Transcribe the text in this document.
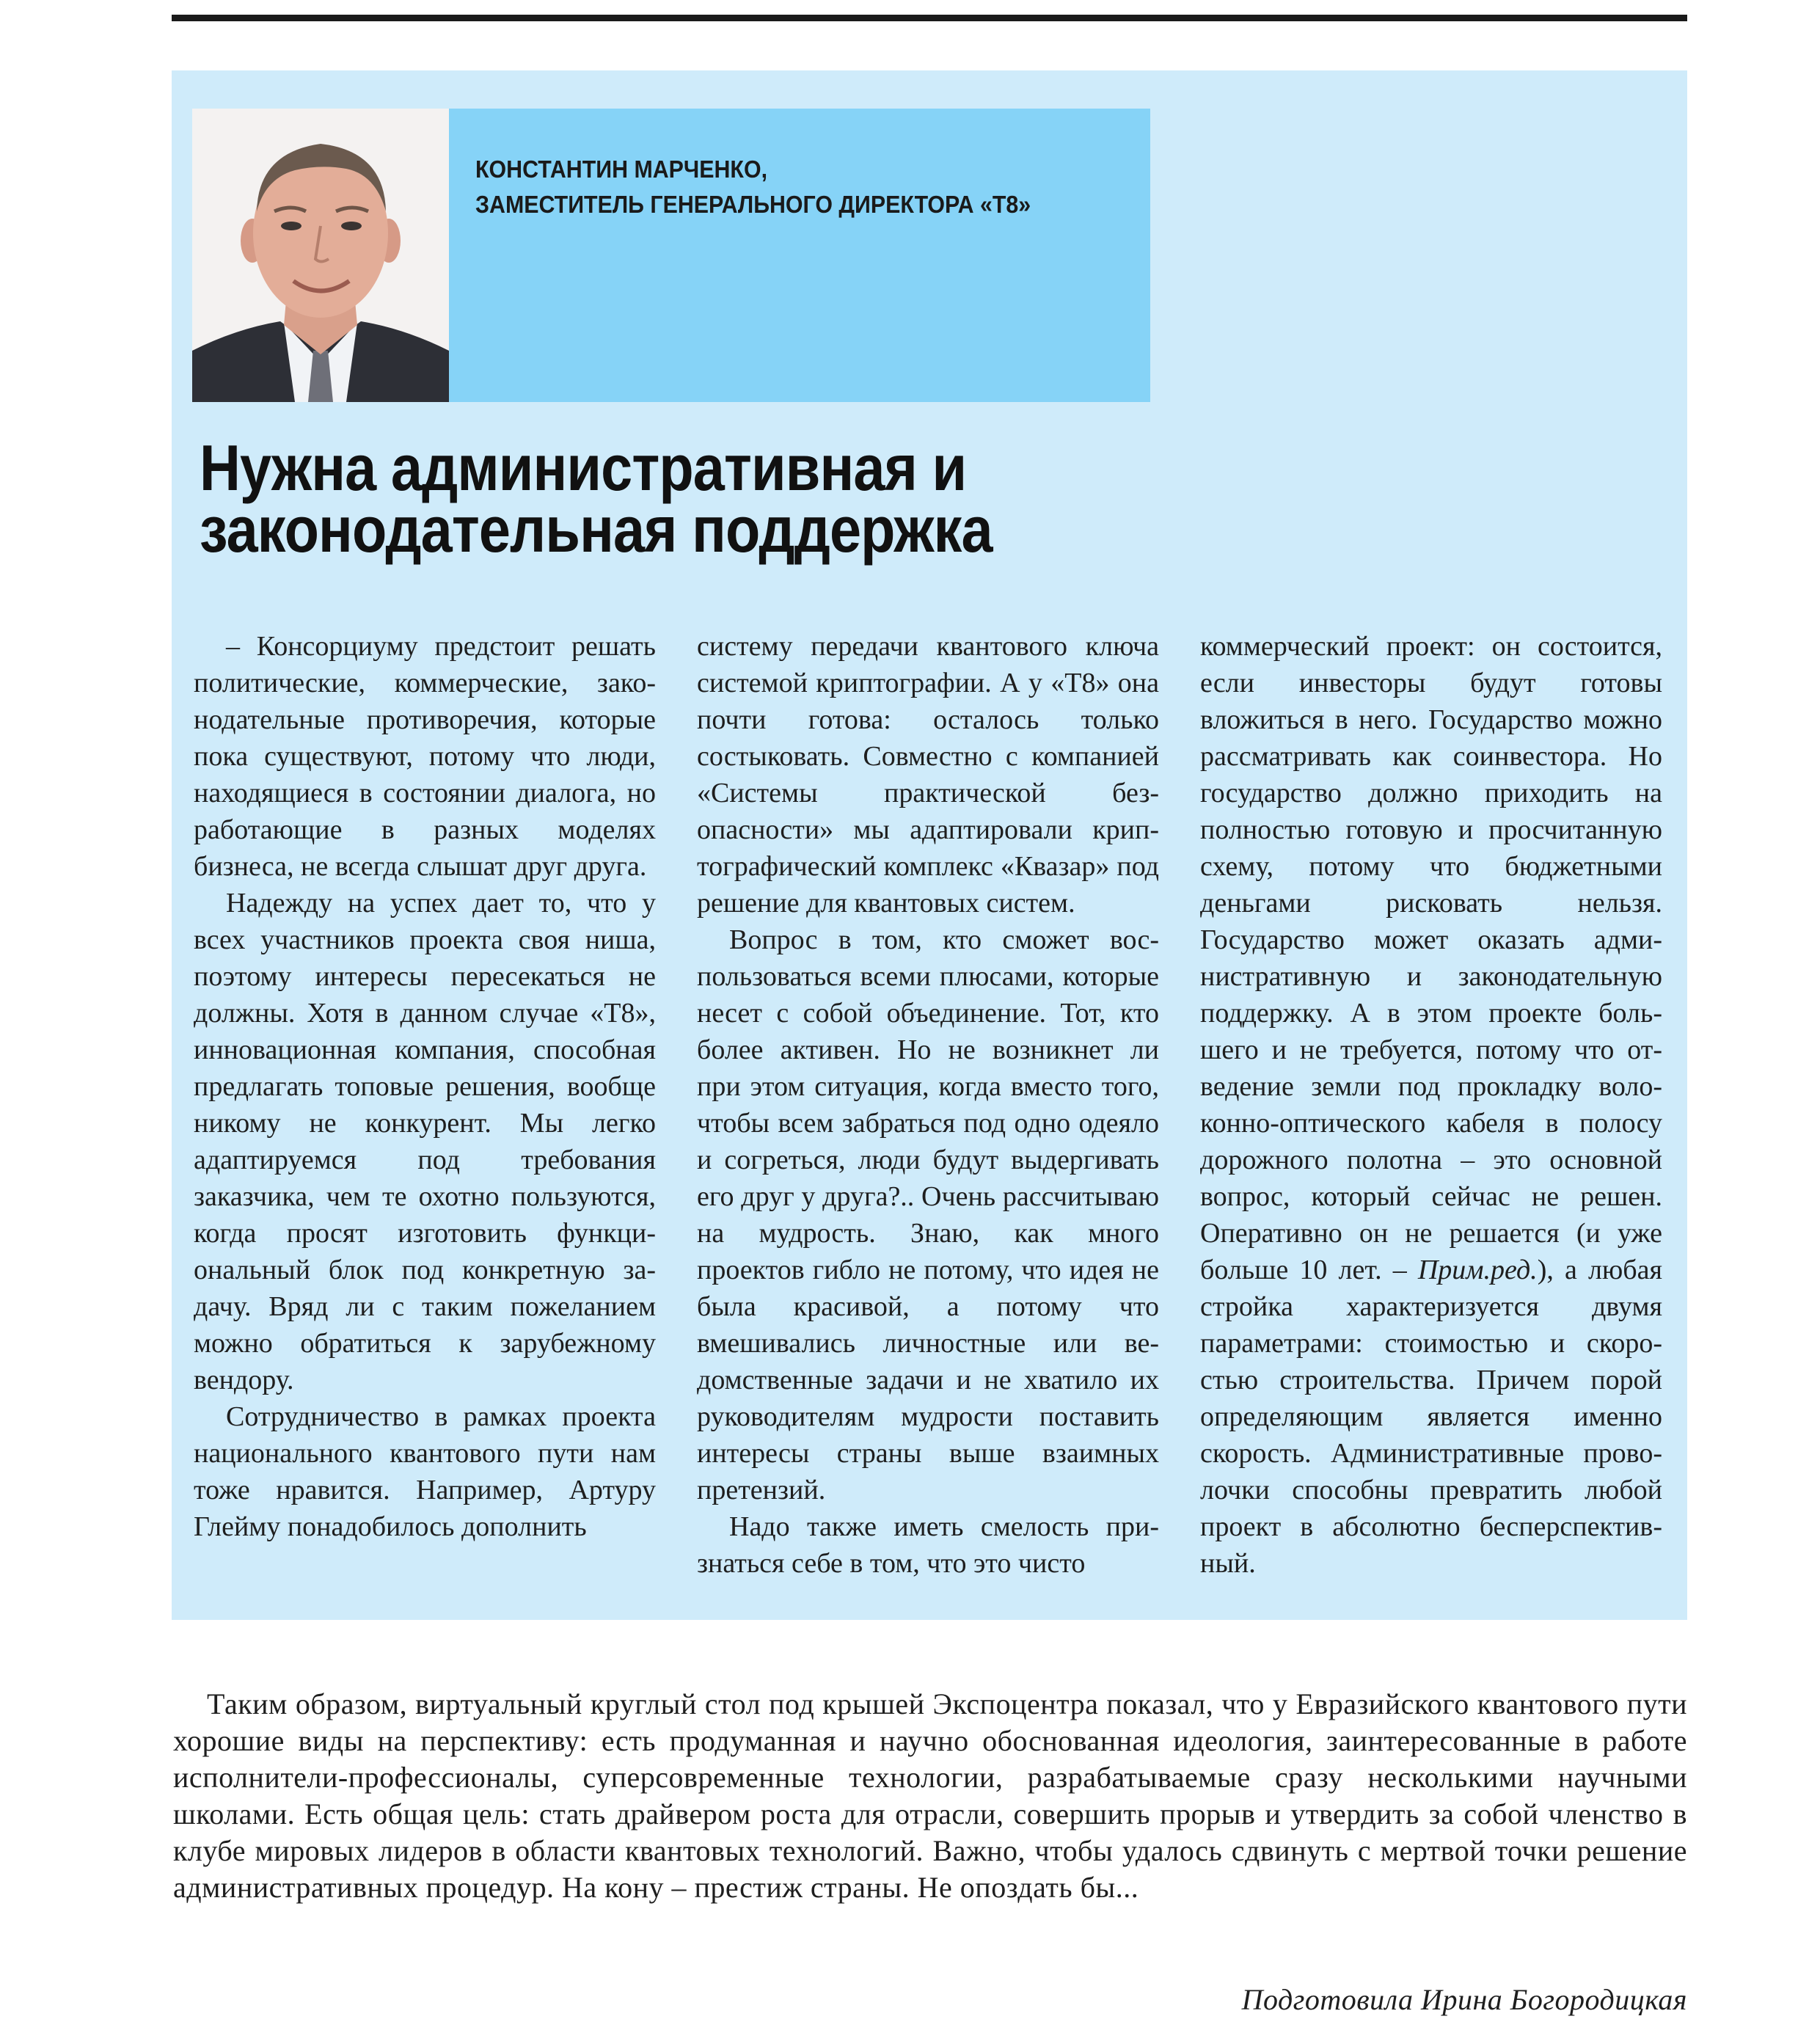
КОНСТАНТИН МАРЧЕНКО,
ЗАМЕСТИТЕЛЬ ГЕНЕРАЛЬНОГО ДИРЕКТОРА «Т8»
Нужна административная и
законодательная поддержка

– Консорциуму предстоит решать политические, коммерческие, законодательные противоречия, которые пока существуют, потому что люди, находящиеся в состоянии диалога, но работающие в разных моделях бизнеса, не всегда слышат друг друга.

Надежду на успех дает то, что у всех участников проекта своя ниша, поэтому интересы пересекаться не должны. Хотя в данном случае «Т8», инновационная компания, способная предлагать топовые решения, вообще никому не конкурент. Мы легко адаптируемся под требования заказчика, чем те охотно пользуются, когда просят изготовить функциональный блок под конкретную задачу. Вряд ли с таким пожеланием можно обратиться к зарубежному вендору.

Сотрудничество в рамках проекта национального квантового пути нам тоже нравится. Например, Артуру Глейму понадобилось дополнить

систему передачи квантового ключа системой криптографии. А у «Т8» она почти готова: осталось только состыковать. Совместно с компанией «Системы практической безопасности» мы адаптировали криптографический комплекс «Квазар» под решение для квантовых систем.

Вопрос в том, кто сможет воспользоваться всеми плюсами, которые несет с собой объединение. Тот, кто более активен. Но не возникнет ли при этом ситуация, когда вместо того, чтобы всем забраться под одно одеяло и согреться, люди будут выдергивать его друг у друга?.. Очень рассчитываю на мудрость. Знаю, как много проектов гибло не потому, что идея не была красивой, а потому что вмешивались личностные или ведомственные задачи и не хватило их руководителям мудрости поставить интересы страны выше взаимных претензий.

Надо также иметь смелость признаться себе в том, что это чисто

коммерческий проект: он состоится, если инвесторы будут готовы вложиться в него. Государство можно рассматривать как соинвестора. Но государство должно приходить на полностью готовую и просчитанную схему, потому что бюджетными деньгами рисковать нельзя. Государство может оказать административную и законодательную поддержку. А в этом проекте большего и не требуется, потому что отведение земли под прокладку волоконно-оптического кабеля в полосу дорожного полотна – это основной вопрос, который сейчас не решен. Оперативно он не решается (и уже больше 10 лет. – Прим.ред.), а любая стройка характеризуется двумя параметрами: стоимостью и скоростью строительства. Причем порой определяющим является именно скорость. Административные проволочки способны превратить любой проект в абсолютно бесперспективный.

Таким образом, виртуальный круглый стол под крышей Экспоцентра показал, что у Евразийского квантового пути хорошие виды на перспективу: есть продуманная и научно обоснованная идеология, заинтересованные в работе исполнители-профессионалы, суперсовременные технологии, разрабатываемые сразу несколькими научными школами. Есть общая цель: стать драйвером роста для отрасли, совершить прорыв и утвердить за собой членство в клубе мировых лидеров в области квантовых технологий. Важно, чтобы удалось сдвинуть с мертвой точки решение административных процедур. На кону – престиж страны. Не опоздать бы...

Подготовила Ирина Богородицкая
